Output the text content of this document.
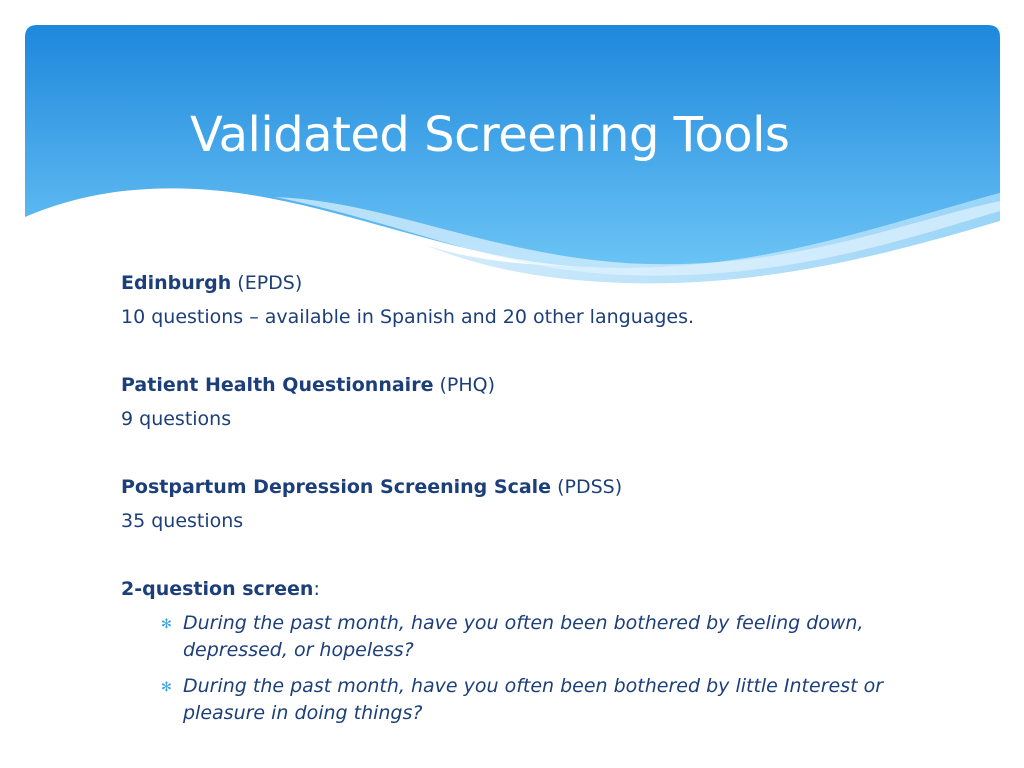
Validated Screening Tools

Edinburgh (EPDS)

10 questions – available in Spanish and 20 other languages.

Patient Health Questionnaire (PHQ)

9 questions

Postpartum Depression Screening Scale (PDSS)

35 questions

2-question screen:

✻ During the past month, have you often been bothered by feeling down, depressed, or hopeless?
✻ During the past month, have you often been bothered by little Interest or pleasure in doing things?
